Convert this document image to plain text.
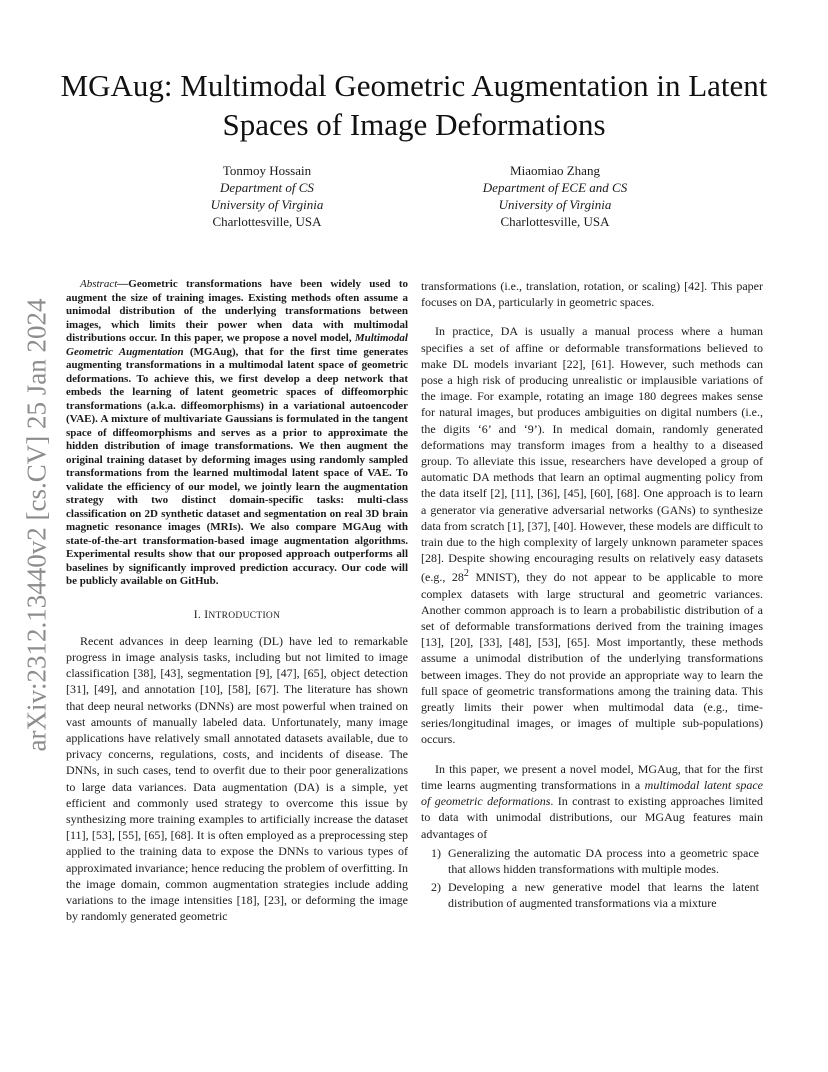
arXiv:2312.13440v2 [cs.CV] 25 Jan 2024
MGAug: Multimodal Geometric Augmentation in Latent Spaces of Image Deformations
Tonmoy Hossain
Department of CS
University of Virginia
Charlottesville, USA
Miaomiao Zhang
Department of ECE and CS
University of Virginia
Charlottesville, USA

Abstract—Geometric transformations have been widely used to augment the size of training images. Existing methods often assume a unimodal distribution of the underlying transformations between images, which limits their power when data with multimodal distributions occur. In this paper, we propose a novel model, Multimodal Geometric Augmentation (MGAug), that for the first time generates augmenting transformations in a multimodal latent space of geometric deformations. To achieve this, we first develop a deep network that embeds the learning of latent geometric spaces of diffeomorphic transformations (a.k.a. diffeomorphisms) in a variational autoencoder (VAE). A mixture of multivariate Gaussians is formulated in the tangent space of diffeomorphisms and serves as a prior to approximate the hidden distribution of image transformations. We then augment the original training dataset by deforming images using randomly sampled transformations from the learned multimodal latent space of VAE. To validate the efficiency of our model, we jointly learn the augmentation strategy with two distinct domain-specific tasks: multi-class classification on 2D synthetic dataset and segmentation on real 3D brain magnetic resonance images (MRIs). We also compare MGAug with state-of-the-art transformation-based image augmentation algorithms. Experimental results show that our proposed approach outperforms all baselines by significantly improved prediction accuracy. Our code will be publicly available on GitHub.

I. INTRODUCTION

Recent advances in deep learning (DL) have led to remarkable progress in image analysis tasks, including but not limited to image classification [ 38 ] , [ 43 ] , segmentation [ 9 ] , [ 47 ] , [ 65 ] , object detection [ 31 ] , [ 49 ] , and annotation [ 10 ] , [ 58 ] , [ 67 ] . The literature has shown that deep neural networks (DNNs) are most powerful when trained on vast amounts of manually labeled data. Unfortunately, many image applications have relatively small annotated datasets available, due to privacy concerns, regulations, costs, and incidents of disease. The DNNs, in such cases, tend to overfit due to their poor generalizations to large data variances. Data augmentation (DA) is a simple, yet efficient and commonly used strategy to overcome this issue by synthesizing more training examples to artificially increase the dataset [ 11 ] , [ 53 ] , [ 55 ] , [ 65 ] , [ 68 ] . It is often employed as a preprocessing step applied to the training data to expose the DNNs to various types of approximated invariance; hence reducing the problem of overfitting. In the image domain, common augmentation strategies include adding variations to the image intensities [ 18 ] , [ 23 ] , or deforming the image by randomly generated geometric

transformations (i.e., translation, rotation, or scaling) [ 42 ] . This paper focuses on DA, particularly in geometric spaces.

In practice, DA is usually a manual process where a human specifies a set of affine or deformable transformations believed to make DL models invariant [ 22 ] , [ 61 ] . However, such methods can pose a high risk of producing unrealistic or implausible variations of the image. For example, rotating an image 180 degrees makes sense for natural images, but produces ambiguities on digital numbers (i.e., the digits ‘6’ and ‘9’). In medical domain, randomly generated deformations may transform images from a healthy to a diseased group. To alleviate this issue, researchers have developed a group of automatic DA methods that learn an optimal augmenting policy from the data itself [ 2 ] , [ 11 ] , [ 36 ] , [ 45 ] , [ 60 ] , [ 68 ] . One approach is to learn a generator via generative adversarial networks (GANs) to synthesize data from scratch [ 1 ] , [ 37 ] , [ 40 ] . However, these models are difficult to train due to the high complexity of largely unknown parameter spaces [ 28 ] . Despite showing encouraging results on relatively easy datasets (e.g., $28^2$ MNIST), they do not appear to be applicable to more complex datasets with large structural and geometric variances. Another common approach is to learn a probabilistic distribution of a set of deformable transformations derived from the training images [ 13 ] , [ 20 ] , [ 33 ] , [ 48 ] , [ 53 ] , [ 65 ] . Most importantly, these methods assume a unimodal distribution of the underlying transformations between images. They do not provide an appropriate way to learn the full space of geometric transformations among the training data. This greatly limits their power when multimodal data (e.g., time-series/longitudinal images, or images of multiple sub-populations) occurs.

In this paper, we present a novel model, MGAug, that for the first time learns augmenting transformations in a multimodal latent space of geometric deformations. In contrast to existing approaches limited to data with unimodal distributions, our MGAug features main advantages of

1) Generalizing the automatic DA process into a geometric space that allows hidden transformations with multiple modes.
2) Developing a new generative model that learns the latent distribution of augmented transformations via a mixture
